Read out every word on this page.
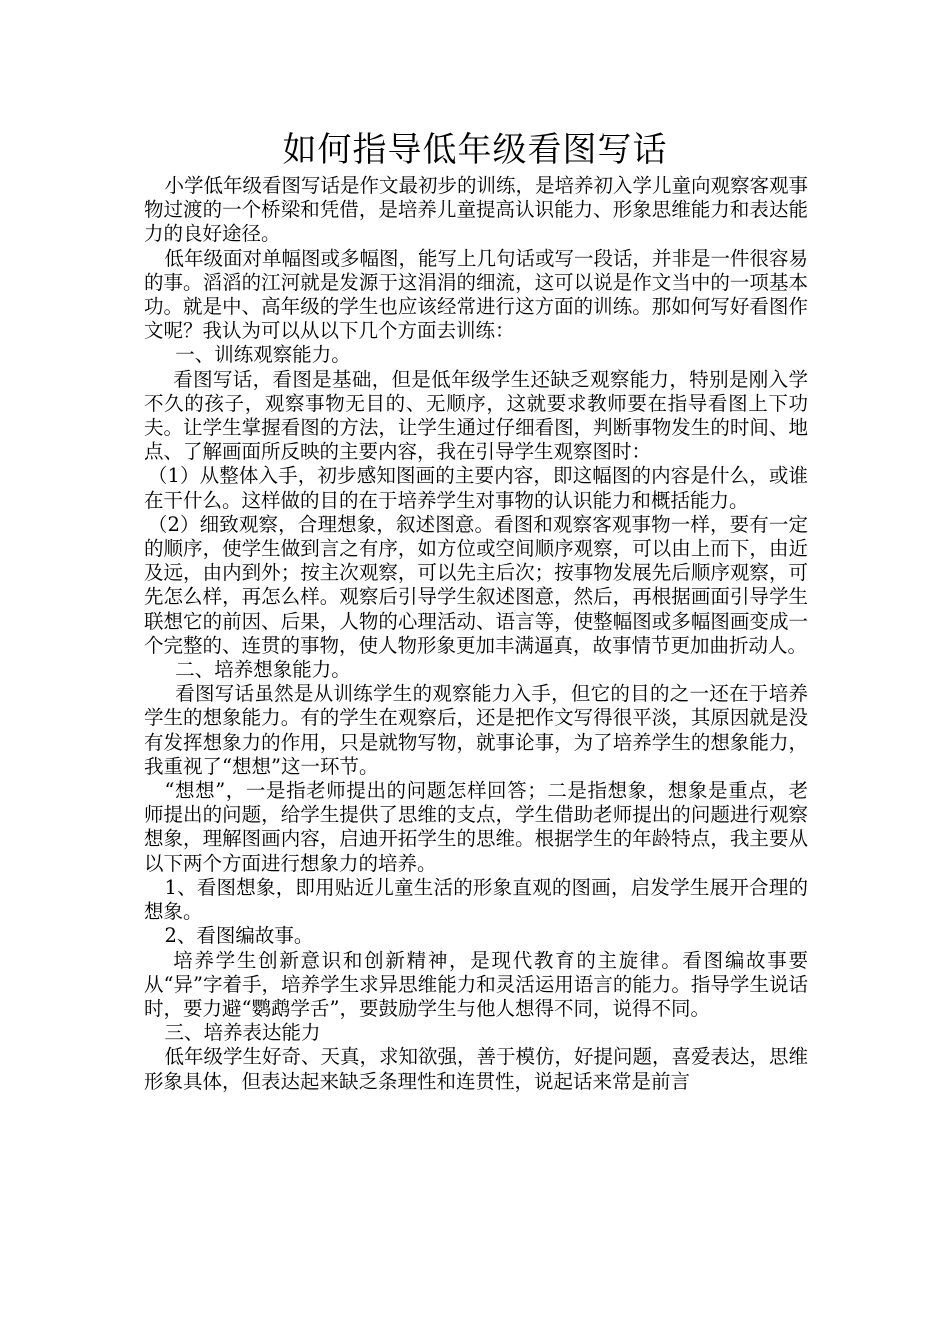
如何指导低年级看图写话

小学低年级看图写话是作文最初步的训练，是培养初入学儿童向观察客观事物过渡的一个桥梁和凭借，是培养儿童提高认识能力、形象思维能力和表达能力的良好途径。

低年级面对单幅图或多幅图，能写上几句话或写一段话，并非是一件很容易的事。滔滔的江河就是发源于这涓涓的细流，这可以说是作文当中的一项基本功。就是中、高年级的学生也应该经常进行这方面的训练。那如何写好看图作文呢？我认为可以从以下几个方面去训练：

一、训练观察能力。

看图写话，看图是基础，但是低年级学生还缺乏观察能力，特别是刚入学不久的孩子，观察事物无目的、无顺序，这就要求教师要在指导看图上下功夫。让学生掌握看图的方法，让学生通过仔细看图，判断事物发生的时间、地点、了解画面所反映的主要内容，我在引导学生观察图时：

（1）从整体入手，初步感知图画的主要内容，即这幅图的内容是什么，或谁在干什么。这样做的目的在于培养学生对事物的认识能力和概括能力。

（2）细致观察，合理想象，叙述图意。看图和观察客观事物一样，要有一定的顺序，使学生做到言之有序，如方位或空间顺序观察，可以由上而下，由近及远，由内到外；按主次观察，可以先主后次；按事物发展先后顺序观察，可先怎么样，再怎么样。观察后引导学生叙述图意，然后，再根据画面引导学生联想它的前因、后果，人物的心理活动、语言等，使整幅图或多幅图画变成一个完整的、连贯的事物，使人物形象更加丰满逼真，故事情节更加曲折动人。

二、培养想象能力。

看图写话虽然是从训练学生的观察能力入手，但它的目的之一还在于培养学生的想象能力。有的学生在观察后，还是把作文写得很平淡，其原因就是没有发挥想象力的作用，只是就物写物，就事论事，为了培养学生的想象能力，我重视了“想想”这一环节。

“想想”，一是指老师提出的问题怎样回答；二是指想象，想象是重点，老师提出的问题，给学生提供了思维的支点，学生借助老师提出的问题进行观察想象，理解图画内容，启迪开拓学生的思维。根据学生的年龄特点，我主要从以下两个方面进行想象力的培养。

1、看图想象，即用贴近儿童生活的形象直观的图画，启发学生展开合理的想象。

2、看图编故事。

培养学生创新意识和创新精神，是现代教育的主旋律。看图编故事要从“异”字着手，培养学生求异思维能力和灵活运用语言的能力。指导学生说话时，要力避“鹦鹉学舌”，要鼓励学生与他人想得不同，说得不同。

三、培养表达能力

低年级学生好奇、天真，求知欲强，善于模仿，好提问题，喜爱表达，思维形象具体，但表达起来缺乏条理性和连贯性，说起话来常是前言
